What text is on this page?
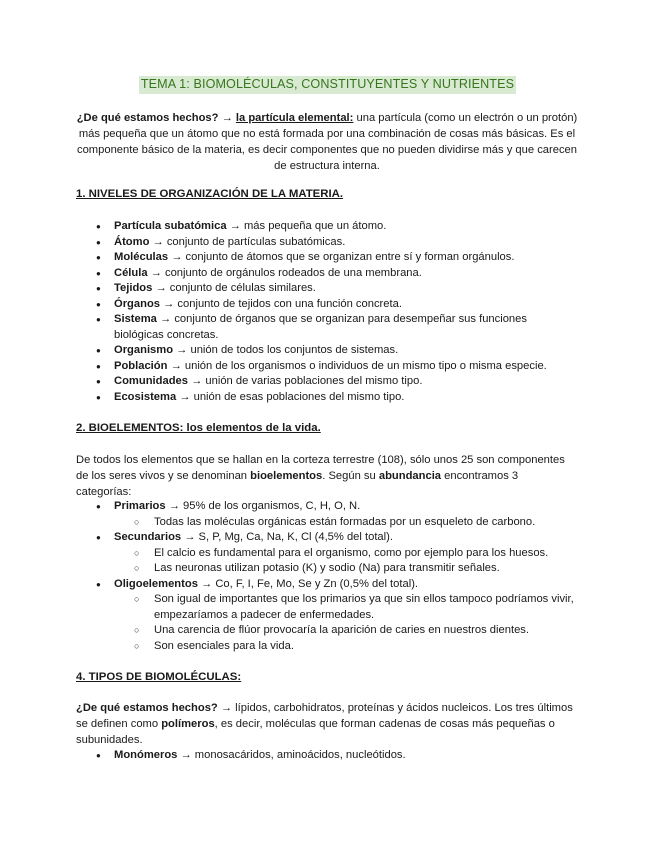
TEMA 1: BIOMOLÉCULAS, CONSTITUYENTES Y NUTRIENTES
¿De qué estamos hechos? → la partícula elemental: una partícula (como un electrón o un protón) más pequeña que un átomo que no está formada por una combinación de cosas más básicas. Es el componente básico de la materia, es decir componentes que no pueden dividirse más y que carecen de estructura interna.
1. NIVELES DE ORGANIZACIÓN DE LA MATERIA.
● Partícula subatómica → más pequeña que un átomo.
● Átomo → conjunto de partículas subatómicas.
● Moléculas → conjunto de átomos que se organizan entre sí y forman orgánulos.
● Célula → conjunto de orgánulos rodeados de una membrana.
● Tejidos → conjunto de células similares.
● Órganos → conjunto de tejidos con una función concreta.
● Sistema → conjunto de órganos que se organizan para desempeñar sus funciones biológicas concretas.
● Organismo → unión de todos los conjuntos de sistemas.
● Población → unión de los organismos o individuos de un mismo tipo o misma especie.
● Comunidades → unión de varias poblaciones del mismo tipo.
● Ecosistema → unión de esas poblaciones del mismo tipo.
2. BIOELEMENTOS: los elementos de la vida.
De todos los elementos que se hallan en la corteza terrestre (108), sólo unos 25 son componentes de los seres vivos y se denominan bioelementos. Según su abundancia encontramos 3 categorías:
● Primarios → 95% de los organismos, C, H, O, N.
○ Todas las moléculas orgánicas están formadas por un esqueleto de carbono.
● Secundarios → S, P, Mg, Ca, Na, K, Cl (4,5% del total).
○ El calcio es fundamental para el organismo, como por ejemplo para los huesos.
○ Las neuronas utilizan potasio (K) y sodio (Na) para transmitir señales.
● Oligoelementos → Co, F, I, Fe, Mo, Se y Zn (0,5% del total).
○ Son igual de importantes que los primarios ya que sin ellos tampoco podríamos vivir, empezaríamos a padecer de enfermedades.
○ Una carencia de flúor provocaría la aparición de caries en nuestros dientes.
○ Son esenciales para la vida.
4. TIPOS DE BIOMOLÉCULAS:
¿De qué estamos hechos? → lípidos, carbohidratos, proteínas y ácidos nucleicos. Los tres últimos se definen como polímeros, es decir, moléculas que forman cadenas de cosas más pequeñas o subunidades.
● Monómeros → monosacáridos, aminoácidos, nucleótidos.
